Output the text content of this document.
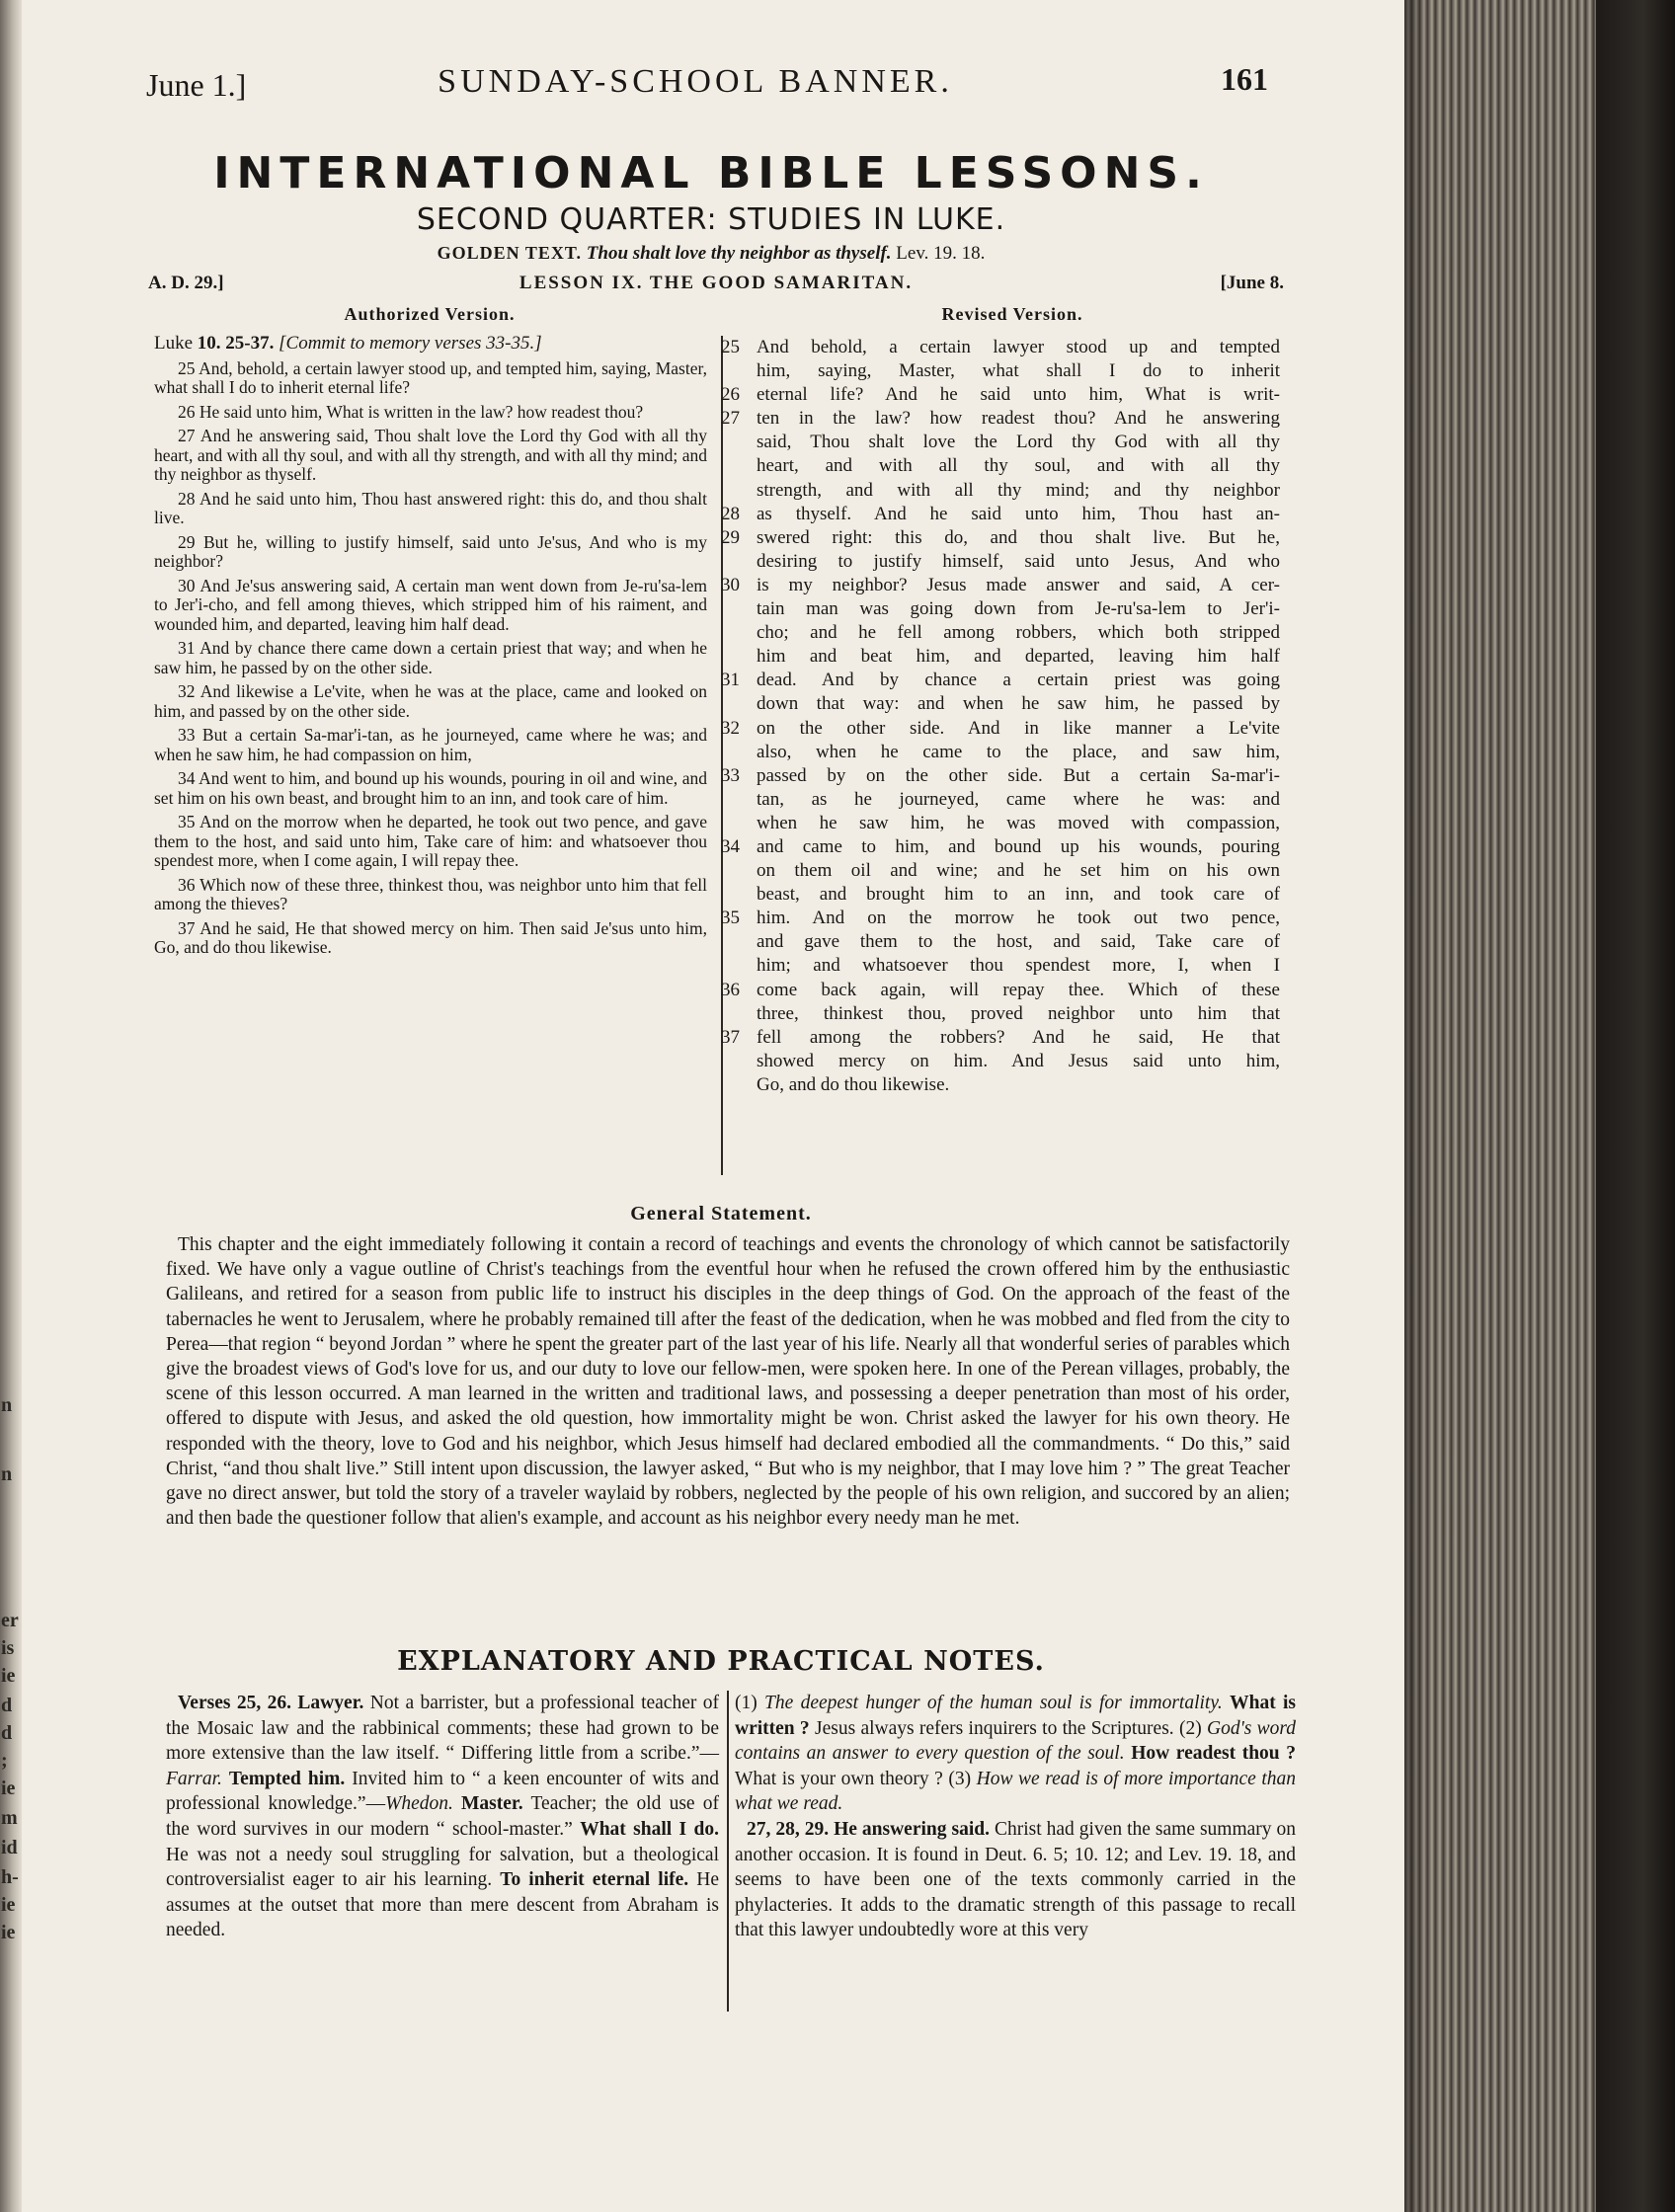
n
n
er
is
ie
d
d
;
ie
m
id
h-
ie
ie
June 1.]	SUNDAY-SCHOOL BANNER.	161
INTERNATIONAL BIBLE LESSONS.
SECOND QUARTER: STUDIES IN LUKE.
GOLDEN TEXT. Thou shalt love thy neighbor as thyself. Lev. 19. 18.
A. D. 29.]	LESSON IX. THE GOOD SAMARITAN.	[June 8.
Authorized Version.	Revised Version.
Luke 10. 25-37. [Commit to memory verses 33-35.]

25 And, behold, a certain lawyer stood up, and tempted him, saying, Master, what shall I do to inherit eternal life?

26 He said unto him, What is written in the law? how readest thou?

27 And he answering said, Thou shalt love the Lord thy God with all thy heart, and with all thy soul, and with all thy strength, and with all thy mind; and thy neighbor as thyself.

28 And he said unto him, Thou hast answered right: this do, and thou shalt live.

29 But he, willing to justify himself, said unto Je'sus, And who is my neighbor?

30 And Je'sus answering said, A certain man went down from Je-ru'sa-lem to Jer'i-cho, and fell among thieves, which stripped him of his raiment, and wounded him, and departed, leaving him half dead.

31 And by chance there came down a certain priest that way; and when he saw him, he passed by on the other side.

32 And likewise a Le'vite, when he was at the place, came and looked on him, and passed by on the other side.

33 But a certain Sa-mar'i-tan, as he journeyed, came where he was; and when he saw him, he had compassion on him,

34 And went to him, and bound up his wounds, pouring in oil and wine, and set him on his own beast, and brought him to an inn, and took care of him.

35 And on the morrow when he departed, he took out two pence, and gave them to the host, and said unto him, Take care of him: and whatsoever thou spendest more, when I come again, I will repay thee.

36 Which now of these three, thinkest thou, was neighbor unto him that fell among the thieves?

37 And he said, He that showed mercy on him. Then said Je'sus unto him, Go, and do thou likewise.

25 And behold, a certain lawyer stood up and tempted
him, saying, Master, what shall I do to inherit
26 eternal life? And he said unto him, What is writ-
27 ten in the law? how readest thou? And he answering
said, Thou shalt love the Lord thy God with all thy
heart, and with all thy soul, and with all thy
strength, and with all thy mind; and thy neighbor
28 as thyself. And he said unto him, Thou hast an-
29 swered right: this do, and thou shalt live. But he,
desiring to justify himself, said unto Jesus, And who
30 is my neighbor? Jesus made answer and said, A cer-
tain man was going down from Je-ru'sa-lem to Jer'i-
cho; and he fell among robbers, which both stripped
him and beat him, and departed, leaving him half
31 dead. And by chance a certain priest was going
down that way: and when he saw him, he passed by
32 on the other side. And in like manner a Le'vite
also, when he came to the place, and saw him,
33 passed by on the other side. But a certain Sa-mar'i-
tan, as he journeyed, came where he was: and
when he saw him, he was moved with compassion,
34 and came to him, and bound up his wounds, pouring
on them oil and wine; and he set him on his own
beast, and brought him to an inn, and took care of
35 him. And on the morrow he took out two pence,
and gave them to the host, and said, Take care of
him; and whatsoever thou spendest more, I, when I
36 come back again, will repay thee. Which of these
three, thinkest thou, proved neighbor unto him that
37 fell among the robbers? And he said, He that
showed mercy on him. And Jesus said unto him,
Go, and do thou likewise.
General Statement.
This chapter and the eight immediately following it contain a record of teachings and events the chronology of which cannot be satisfactorily fixed. We have only a vague outline of Christ's teachings from the eventful hour when he refused the crown offered him by the enthusiastic Galileans, and retired for a season from public life to instruct his disciples in the deep things of God. On the approach of the feast of the tabernacles he went to Jerusalem, where he probably remained till after the feast of the dedication, when he was mobbed and fled from the city to Perea—that region “ beyond Jordan ” where he spent the greater part of the last year of his life. Nearly all that wonderful series of parables which give the broadest views of God's love for us, and our duty to love our fellow-men, were spoken here. In one of the Perean villages, probably, the scene of this lesson occurred. A man learned in the written and traditional laws, and possessing a deeper penetration than most of his order, offered to dispute with Jesus, and asked the old question, how immortality might be won. Christ asked the lawyer for his own theory. He responded with the theory, love to God and his neighbor, which Jesus himself had declared embodied all the commandments. “ Do this,” said Christ, “and thou shalt live.” Still intent upon discussion, the lawyer asked, “ But who is my neighbor, that I may love him ? ” The great Teacher gave no direct answer, but told the story of a traveler waylaid by robbers, neglected by the people of his own religion, and succored by an alien; and then bade the questioner follow that alien's example, and account as his neighbor every needy man he met.
EXPLANATORY AND PRACTICAL NOTES.

Verses 25, 26. Lawyer. Not a barrister, but a professional teacher of the Mosaic law and the rabbinical comments; these had grown to be more extensive than the law itself. “ Differing little from a scribe.”—Farrar. Tempted him. Invited him to “ a keen encounter of wits and professional knowledge.”—Whedon. Master. Teacher; the old use of the word survives in our modern “ school-master.” What shall I do. He was not a needy soul struggling for salvation, but a theological controversialist eager to air his learning. To inherit eternal life. He assumes at the outset that more than mere descent from Abraham is needed.

(1) The deepest hunger of the human soul is for immortality. What is written ? Jesus always refers inquirers to the Scriptures. (2) God's word contains an answer to every question of the soul. How readest thou ? What is your own theory ? (3) How we read is of more importance than what we read.

27, 28, 29. He answering said. Christ had given the same summary on another occasion. It is found in Deut. 6. 5; 10. 12; and Lev. 19. 18, and seems to have been one of the texts commonly carried in the phylacteries. It adds to the dramatic strength of this passage to recall that this lawyer undoubtedly wore at this very
